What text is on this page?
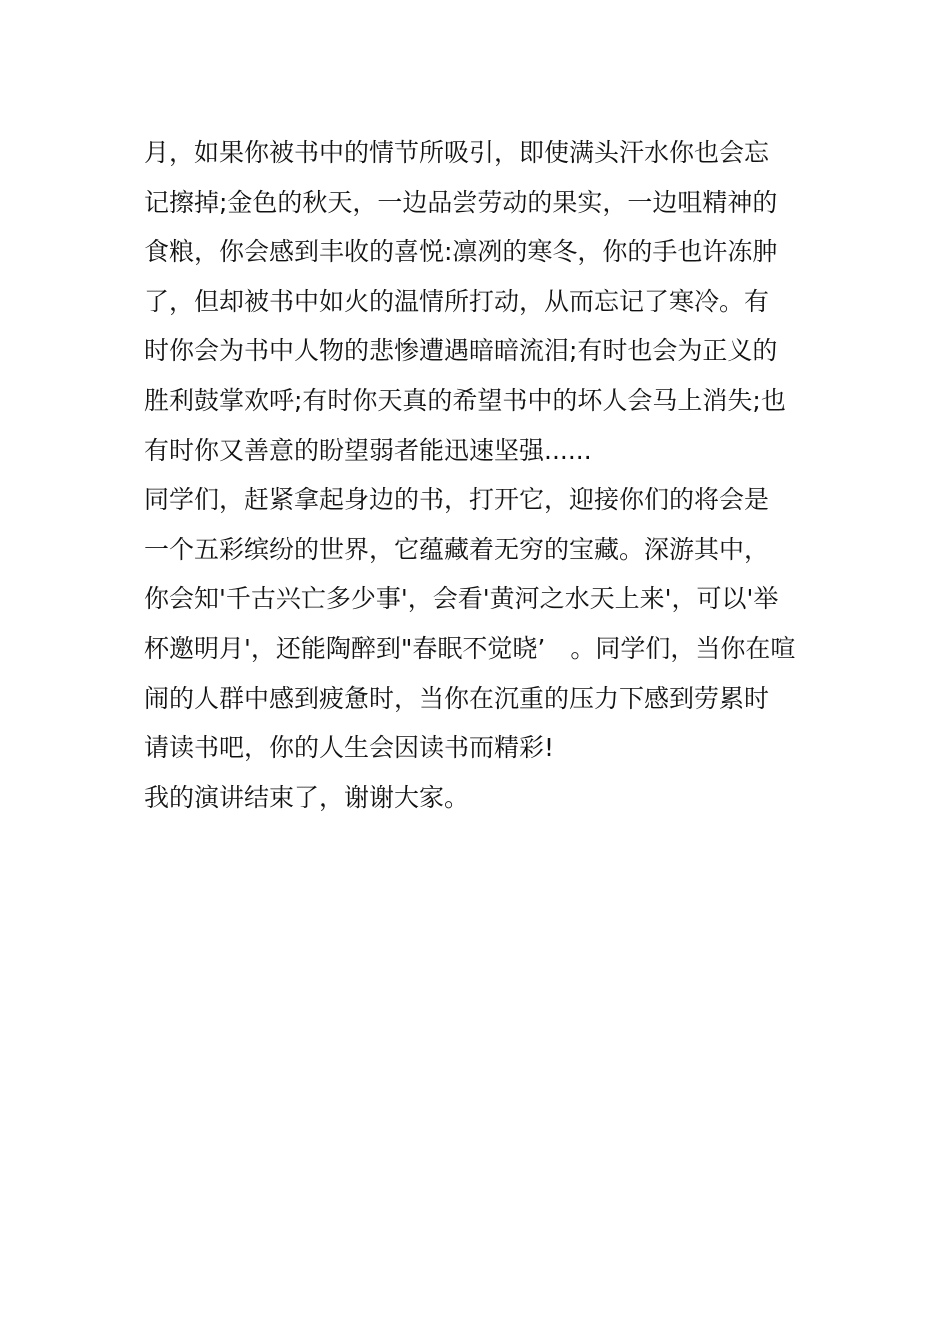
月，如果你被书中的情节所吸引，即使满头汗水你也会忘
记擦掉;金色的秋天，一边品尝劳动的果实，一边咀精神的
食粮，你会感到丰收的喜悦:凛冽的寒冬，你的手也许冻肿
了，但却被书中如火的温情所打动，从而忘记了寒冷。有
时你会为书中人物的悲惨遭遇暗暗流泪;有时也会为正义的
胜利鼓掌欢呼;有时你天真的希望书中的坏人会马上消失;也
有时你又善意的盼望弱者能迅速坚强......
同学们，赶紧拿起身边的书，打开它，迎接你们的将会是
一个五彩缤纷的世界，它蕴藏着无穷的宝藏。深游其中，
你会知'千古兴亡多少事'，会看'黄河之水天上来'，可以'举
杯邀明月'，还能陶醉到"春眠不觉晓’　。同学们，当你在喧
闹的人群中感到疲惫时，当你在沉重的压力下感到劳累时
请读书吧，你的人生会因读书而精彩!
我的演讲结束了，谢谢大家。
